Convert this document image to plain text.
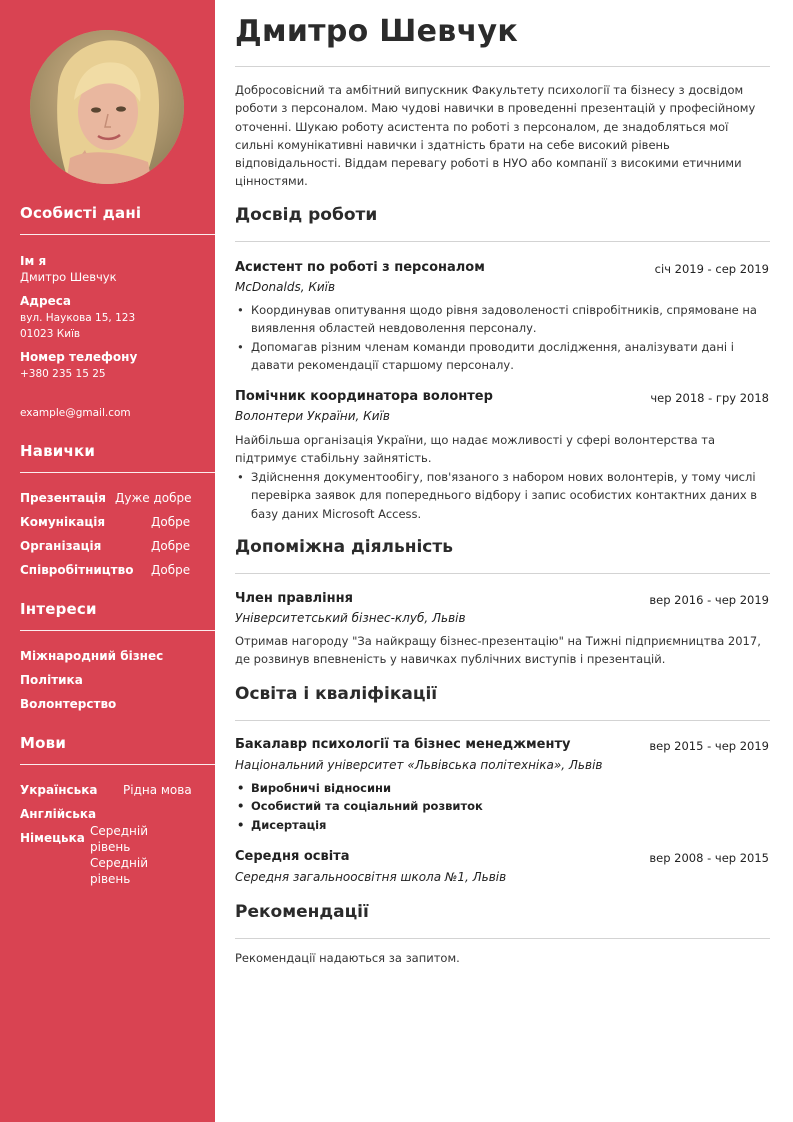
Особисті дані
Ім я
Дмитро Шевчук
Адреса
вул. Наукова 15, 123
01023 Київ
Номер телефону
+380 235 15 25
example@gmail.com
Навички
Презентація Дуже добре
Комунікація	Добре
Організація	Добре
Співробітництво Добре
Інтереси
Міжнародний бізнес
Політика
Волонтерство
Мови
Українська Рідна мова
Англійська
Середній рівень
Німецька
Середній рівень
Дмитро Шевчук
Добросовісний та амбітний випускник Факультету психології та бізнесу з досвідом роботи з персоналом. Маю чудові навички в проведенні презентацій у професійному оточенні. Шукаю роботу асистента по роботі з персоналом, де знадобляться мої сильні комунікативні навички і здатність брати на себе високий рівень відповідальності. Віддам перевагу роботі в НУО або компанії з високими етичними цінностями.
Досвід роботи
Асистент по роботі з персоналом	січ 2019 - сер 2019
McDonalds, Київ
• Координував опитування щодо рівня задоволеності співробітників, спрямоване на виявлення областей невдоволення персоналу.
• Допомагав різним членам команди проводити дослідження, аналізувати дані і давати рекомендації старшому персоналу.
Помічник координатора волонтер	чер 2018 - гру 2018
Волонтери України, Київ
Найбільша організація України, що надає можливості у сфері волонтерства та підтримує стабільну зайнятість.
• Здійснення документообігу, пов'язаного з набором нових волонтерів, у тому числі перевірка заявок для попереднього відбору і запис особистих контактних даних в базу даних Microsoft Access.
Допоміжна діяльність
Член правління	вер 2016 - чер 2019
Університетський бізнес-клуб, Львів
Отримав нагороду "За найкращу бізнес-презентацію" на Тижні підприємництва 2017, де розвинув впевненість у навичках публічних виступів і презентацій.
Освіта і кваліфікації
Бакалавр психології та бізнес менеджменту	вер 2015 - чер 2019
Національний університет «Львівська політехніка», Львів
• Виробничі відносини
• Особистий та соціальний розвиток
• Дисертація
Середня освіта	вер 2008 - чер 2015
Середня загальноосвітня школа №1, Львів
Рекомендації
Рекомендації надаються за запитом.
